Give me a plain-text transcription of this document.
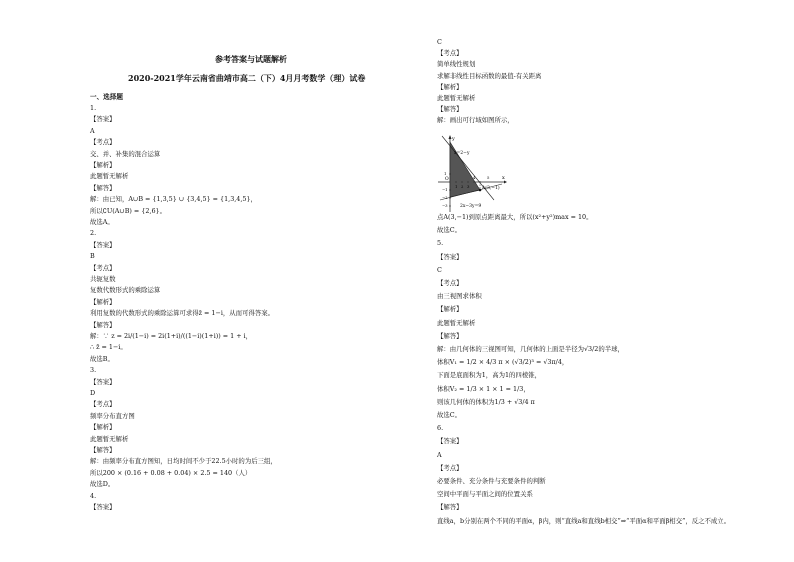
参考答案与试题解析
2020-2021学年云南省曲靖市高二（下）4月月考数学（理）试卷
一、选择题
1.
【答案】
A
【考点】
交、并、补集的混合运算
【解析】
此题暂无解析
【解答】
解：由已知，A∪B = {1,3,5} ∪ {3,4,5} = {1,3,4,5}，
所以∁U(A∪B) = {2,6}。
故选A。
2.
【答案】
B
【考点】
共轭复数
复数代数形式的乘除运算
【解析】
利用复数的代数形式的乘除运算可求得z̄ = 1−i，从而可得答案。
【解答】
解：∵ z = 2i/(1−i) = 2i(1+i)/((1−i)(1+i)) = 1 + i，
∴ z̄ = 1−i。
故选B。
3.
【答案】
D
【考点】
频率分布直方图
【解析】
此题暂无解析
【解答】
解：由频率分布直方图知，日均时间不少于22.5小时的为后三组，
所以200 × (0.16 + 0.08 + 0.04) × 2.5 = 140（人）
故选D。
4.
【答案】
C
【考点】
简单线性规划
求解非线性目标函数的最值-有关距离
【解析】
此题暂无解析
【解答】
解：画出可行域如图所示，
y
x
O
x=2−y
2x−3y=9
A(3,−1)
1 2 3
4	5
1
−1
−2
−3
点A(3,−1)到原点距离最大，所以(x²+y²)max = 10。
故选C。
5.
【答案】
C
【考点】
由三视图求体积
【解析】
此题暂无解析
【解答】
解：由几何体的三视图可知，几何体的上面是半径为√3/2的半球，
体积V₁ = 1/2 × 4/3 π × (√3/2)³ = √3π/4，
下面是底面积为1，高为1的四棱锥，
体积V₂ = 1/3 × 1 × 1 = 1/3，
则该几何体的体积为1/3 + √3/4 π
故选C。
6.
【答案】
A
【考点】
必要条件、充分条件与充要条件的判断
空间中平面与平面之间的位置关系
【解答】
直线a，b分别在两个不同的平面α，β内，则“直线a和直线b相交”⇒“平面α和平面β相交”，反之不成立。
